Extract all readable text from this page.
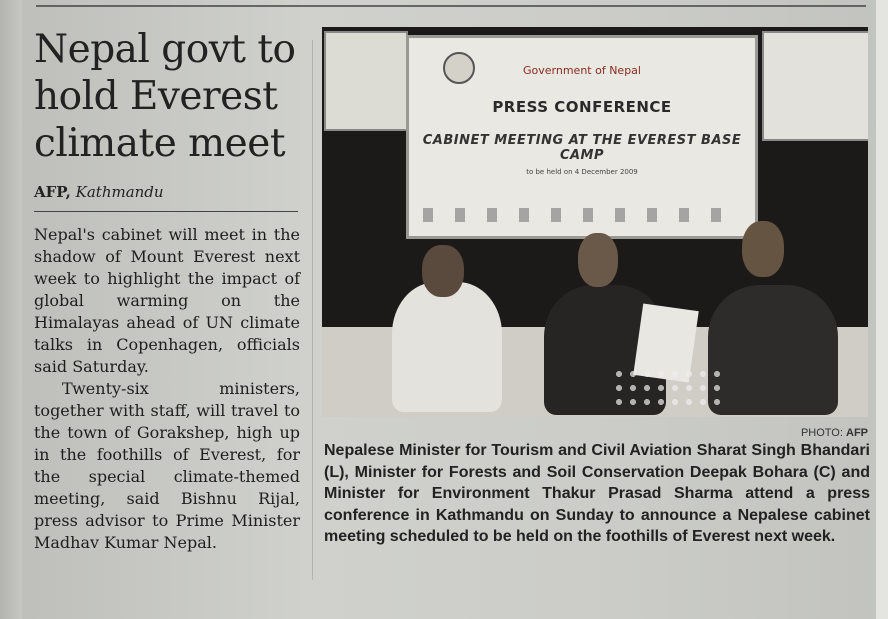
Nepal govt to hold Everest climate meet
AFP, Kathmandu

Nepal's cabinet will meet in the shadow of Mount Everest next week to highlight the impact of global warming on the Himalayas ahead of UN climate talks in Copenhagen, officials said Saturday.

Twenty-six ministers, together with staff, will travel to the town of Gorakshep, high up in the foothills of Everest, for the special climate-themed meeting, said Bishnu Rijal, press advisor to Prime Minister Madhav Kumar Nepal.

Government of Nepal
PRESS CONFERENCE
CABINET MEETING AT THE EVEREST BASE CAMP
to be held on 4 December 2009
PHOTO: AFP
Nepalese Minister for Tourism and Civil Aviation Sharat Singh Bhandari (L), Minister for Forests and Soil Conservation Deepak Bohara (C) and Minister for Environment Thakur Prasad Sharma attend a press conference in Kathmandu on Sunday to announce a Nepalese cabinet meeting scheduled to be held on the foothills of Everest next week.
